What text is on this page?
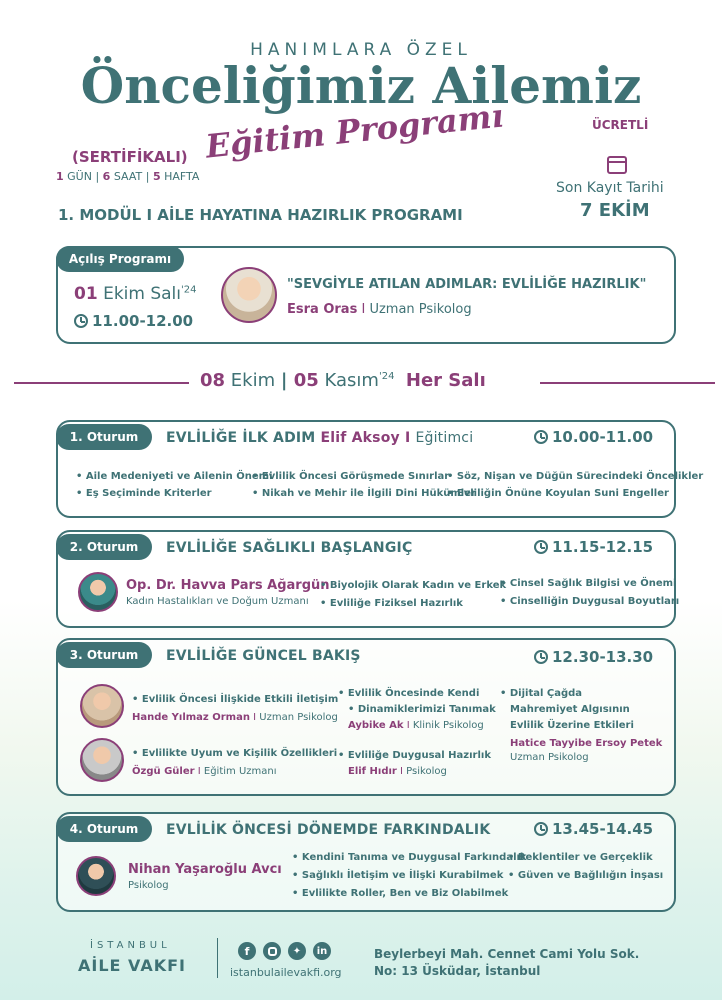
HANIMLARA ÖZEL
Önceliğimiz Ailemiz
Eğitim Programı	ÜCRETLİ
(SERTİFİKALI)
1 GÜN | 6 SAAT | 5 HAFTA
Son Kayıt Tarihi
7 EKİM
1. MODÜL I AİLE HAYATINA HAZIRLIK PROGRAMI
Açılış Programı
01 Ekim Salı$^{'24}$
11.00-12.00
"SEVGİYLE ATILAN ADIMLAR: EVLİLİĞE HAZIRLIK"
Esra Oras I Uzman Psikolog
08 Ekim | 05 Kasım$^{'24}$ Her Salı
1. Oturum	EVLİLİĞE İLK ADIM Elif Aksoy I Eğitimci	10.00-11.00
• Aile Medeniyeti ve Ailenin Önemi
• Evlilik Öncesi Görüşmede Sınırlar • Söz, Nişan ve Düğün Sürecindeki Öncelikler
• Eş Seçiminde Kriterler	• Nikah ve Mehir ile İlgili Dini Hükümler
• Evliliğin Önüne Koyulan Suni Engeller
2. Oturum	EVLİLİĞE SAĞLIKLI BAŞLANGIÇ	11.15-12.15
Op. Dr. Havva Pars Ağargün
Kadın Hastalıkları ve Doğum Uzmanı
• Biyolojik Olarak Kadın ve Erkek • Cinsel Sağlık Bilgisi ve Önemi
• Evliliğe Fiziksel Hazırlık	• Cinselliğin Duygusal Boyutları
3. Oturum	EVLİLİĞE GÜNCEL BAKIŞ	12.30-13.30
• Evlilik Öncesi İlişkide Etkili İletişim
Hande Yılmaz Orman I Uzman Psikolog
• Evlilikte Uyum ve Kişilik Özellikleri
Özgü Güler I Eğitim Uzmanı
• Evlilik Öncesinde Kendi
• Dinamiklerimizi Tanımak
Aybike Ak I Klinik Psikolog
• Evliliğe Duygusal Hazırlık
Elif Hıdır I Psikolog
• Dijital Çağda
Mahremiyet Algısının
Evlilik Üzerine Etkileri
Hatice Tayyibe Ersoy Petek
Uzman Psikolog
4. Oturum	EVLİLİK ÖNCESİ DÖNEMDE FARKINDALIK	13.45-14.45
Nihan Yaşaroğlu Avcı
Psikolog
• Kendini Tanıma ve Duygusal Farkındalık
• Beklentiler ve Gerçeklik
• Sağlıklı İletişim ve İlişki Kurabilmek	• Güven ve Bağlılığın İnşası
• Evlilikte Roller, Ben ve Biz Olabilmek
İSTANBUL
AİLE VAKFI
f	✦	in
istanbulailevakfi.org
Beylerbeyi Mah. Cennet Cami Yolu Sok.
No: 13 Üsküdar, İstanbul
